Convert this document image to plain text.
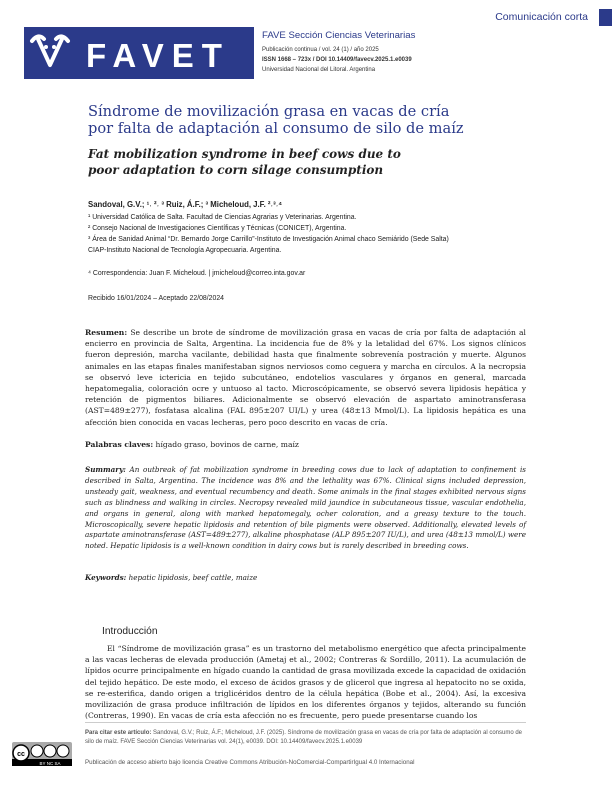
Comunicación corta
FAVET
FAVE Sección Ciencias Veterinarias
Publicación continua / vol. 24 (1) / año 2025
ISSN 1668 – 723x / DOI 10.14409/favecv.2025.1.e0039
Universidad Nacional del Litoral. Argentina
Síndrome de movilización grasa en vacas de cría
por falta de adaptación al consumo de silo de maíz
Fat mobilization syndrome in beef cows due to
poor adaptation to corn silage consumption
Sandoval, G.V.; ¹˒ ²˒ ³ Ruiz, Á.F.; ³ Micheloud, J.F. ²˒³˒⁴
¹ Universidad Católica de Salta. Facultad de Ciencias Agrarias y Veterinarias. Argentina.
² Consejo Nacional de Investigaciones Científicas y Técnicas (CONICET), Argentina.
³ Área de Sanidad Animal “Dr. Bernardo Jorge Carrillo”-Instituto de Investigación Animal chaco Semiárido (Sede Salta)
CIAP-Instituto Nacional de Tecnología Agropecuaria. Argentina.
⁴ Correspondencia: Juan F. Micheloud. | jmicheloud@correo.inta.gov.ar
Recibido 16/01/2024 – Aceptado 22/08/2024
Resumen: Se describe un brote de síndrome de movilización grasa en vacas de cría por falta de adaptación al encierro en provincia de Salta, Argentina. La incidencia fue de 8% y la letalidad del 67%. Los signos clínicos fueron depresión, marcha vacilante, debilidad hasta que finalmente sobrevenía postración y muerte. Algunos animales en las etapas finales manifestaban signos nerviosos como ceguera y marcha en círculos. A la necropsia se observó leve ictericia en tejido subcutáneo, endotelios vasculares y órganos en general, marcada hepatomegalia, coloración ocre y untuoso al tacto. Microscópicamente, se observó severa lipidosis hepática y retención de pigmentos biliares. Adicionalmente se observó elevación de aspartato aminotransferasa (AST=489±277), fosfatasa alcalina (FAL 895±207 UI/L) y urea (48±13 Mmol/L). La lipidosis hepática es una afección bien conocida en vacas lecheras, pero poco descrito en vacas de cría.
Palabras claves: hígado graso, bovinos de carne, maíz
Summary: An outbreak of fat mobilization syndrome in breeding cows due to lack of adaptation to confinement is described in Salta, Argentina. The incidence was 8% and the lethality was 67%. Clinical signs included depression, unsteady gait, weakness, and eventual recumbency and death. Some animals in the final stages exhibited nervous signs such as blindness and walking in circles. Necropsy revealed mild jaundice in subcutaneous tissue, vascular endothelia, and organs in general, along with marked hepatomegaly, ocher coloration, and a greasy texture to the touch. Microscopically, severe hepatic lipidosis and retention of bile pigments were observed. Additionally, elevated levels of aspartate aminotransferase (AST=489±277), alkaline phosphatase (ALP 895±207 IU/L), and urea (48±13 mmol/L) were noted. Hepatic lipidosis is a well-known condition in dairy cows but is rarely described in breeding cows.
Keywords: hepatic lipidosis, beef cattle, maize
Introducción
El “Síndrome de movilización grasa” es un trastorno del metabolismo energético que afecta principalmente a las vacas lecheras de elevada producción (Ametaj et al., 2002; Contreras & Sordillo, 2011). La acumulación de lípidos ocurre principalmente en hígado cuando la cantidad de grasa movilizada excede la capacidad de oxidación del tejido hepático. De este modo, el exceso de ácidos grasos y de glicerol que ingresa al hepatocito no se oxida, se re-esterifica, dando origen a triglicéridos dentro de la célula hepática (Bobe et al., 2004). Así, la excesiva movilización de grasa produce infiltración de lípidos en los diferentes órganos y tejidos, alterando su función (Contreras, 1990). En vacas de cría esta afección no es frecuente, pero puede presentarse cuando los
Para citar este artículo: Sandoval, G.V.; Ruiz, Á.F.; Micheloud, J.F. (2025). Síndrome de movilización grasa en vacas de cría por falta de adaptación al consumo de silo de maíz. FAVE Sección Ciencias Veterinarias vol. 24(1), e0039. DOI: 10.14409/favecv.2025.1.e0039
cc
BY NC SA	Publicación de acceso abierto bajo licencia Creative Commons Atribución-NoComercial-CompartirIgual 4.0 Internacional
